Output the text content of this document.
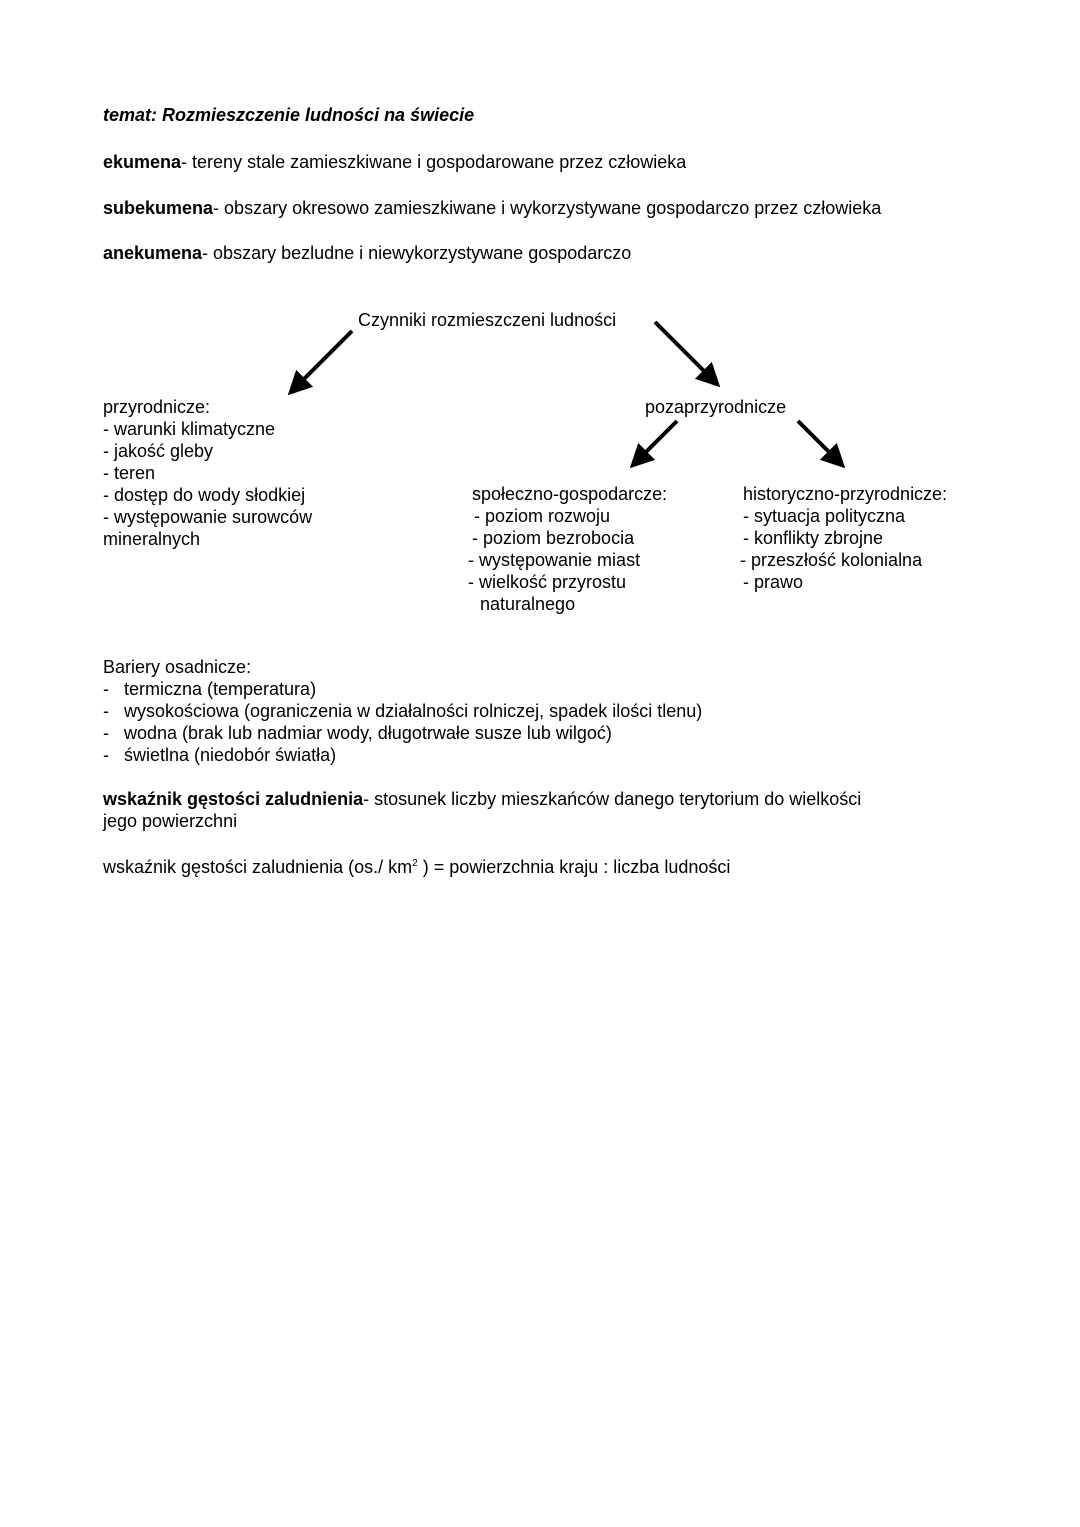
temat: Rozmieszczenie ludności na świecie
ekumena- tereny stale zamieszkiwane i gospodarowane przez człowieka
subekumena- obszary okresowo zamieszkiwane i wykorzystywane gospodarczo przez człowieka
anekumena- obszary bezludne i niewykorzystywane gospodarczo
Czynniki rozmieszczeni ludności
przyrodnicze:
- warunki klimatyczne
- jakość gleby
- teren
- dostęp do wody słodkiej
- występowanie surowców
mineralnych
pozaprzyrodnicze
społeczno-gospodarcze:
- poziom rozwoju
- poziom bezrobocia
- występowanie miast
- wielkość przyrostu
naturalnego
historyczno-przyrodnicze:
- sytuacja polityczna
- konflikty zbrojne
- przeszłość kolonialna
- prawo
Bariery osadnicze:
- termiczna (temperatura)
- wysokościowa (ograniczenia w działalności rolniczej, spadek ilości tlenu)
- wodna (brak lub nadmiar wody, długotrwałe susze lub wilgoć)
- świetlna (niedobór światła)
wskaźnik gęstości zaludnienia- stosunek liczby mieszkańców danego terytorium do wielkości
jego powierzchni
wskaźnik gęstości zaludnienia (os./ $km^2$ ) = powierzchnia kraju : liczba ludności
